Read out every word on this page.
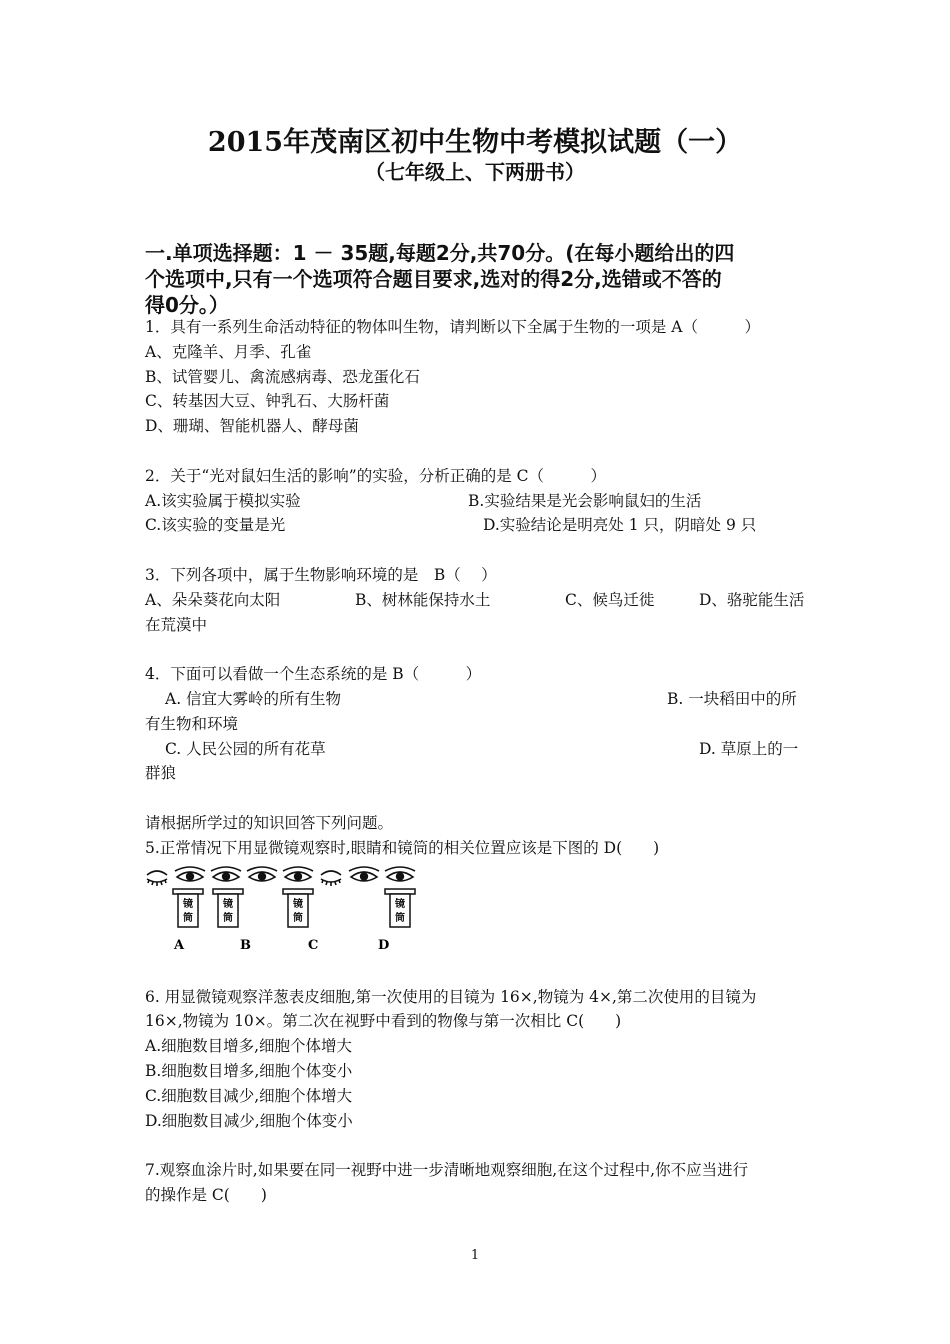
2015年茂南区初中生物中考模拟试题（一）
（七年级上、下两册书）
一.单项选择题：1 － 35题,每题2分,共70分。(在每小题给出的四
个选项中,只有一个选项符合题目要求,选对的得2分,选错或不答的
得0分。）
1．具有一系列生命活动特征的物体叫生物，请判断以下全属于生物的一项是 A（　　　）
A、克隆羊、月季、孔雀
B、试管婴儿、禽流感病毒、恐龙蛋化石
C、转基因大豆、钟乳石、大肠杆菌
D、珊瑚、智能机器人、酵母菌
2．关于“光对鼠妇生活的影响”的实验，分析正确的是 C（　　　）
A.该实验属于模拟实验	B.实验结果是光会影响鼠妇的生活
C.该实验的变量是光	D.实验结论是明亮处 1 只，阴暗处 9 只
3．下列各项中，属于生物影响环境的是　B（　 ）
A、朵朵葵花向太阳	B、树林能保持水土	C、候鸟迁徙	D、骆驼能生活
在荒漠中
4．下面可以看做一个生态系统的是 B（　　　）
A. 信宜大雾岭的所有生物	B. 一块稻田中的所
有生物和环境
C. 人民公园的所有花草	D. 草原上的一
群狼
请根据所学过的知识回答下列问题。
5.正常情况下用显微镜观察时,眼睛和镜筒的相关位置应该是下图的 D(　　)
镜
筒
镜
筒
镜
筒
镜
筒
A	B	C	D
6. 用显微镜观察洋葱表皮细胞,第一次使用的目镜为 16×,物镜为 4×,第二次使用的目镜为
16×,物镜为 10×。第二次在视野中看到的物像与第一次相比 C(　　)
A.细胞数目增多,细胞个体增大
B.细胞数目增多,细胞个体变小
C.细胞数目减少,细胞个体增大
D.细胞数目减少,细胞个体变小
7.观察血涂片时,如果要在同一视野中进一步清晰地观察细胞,在这个过程中,你不应当进行
的操作是 C(　　)
1
